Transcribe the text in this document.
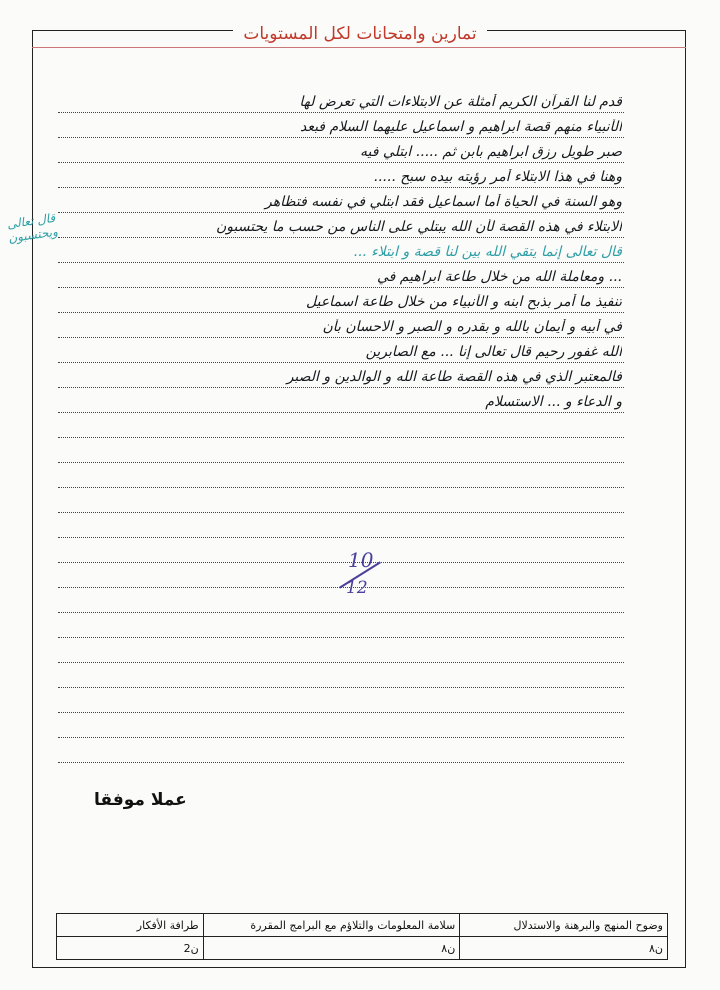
تمارين وامتحانات لكل المستويات
قدم لنا القرآن الكريم أمثلة عن الابتلاءات التي تعرض لها
الأنبياء منهم قصة ابراهيم و اسماعيل عليهما السلام فبعد
صبر طويل رزق ابراهيم بابن ثم ..... ابتلي فيه
وهنا في هذا الابتلاء أمر رؤيته بيده سبح .....
وهو السنة في الحياة أما اسماعيل فقد ابتلي في نفسه فتظاهر
الابتلاء في هذه القصة لأن الله يبتلي على الناس من حسب ما يحتسبون
قال تعالى إنما يتقي الله بين لنا قصة و ابتلاء ...
... ومعاملة الله من خلال طاعة ابراهيم في
تنفيذ ما أمر بذبح ابنه و الأنبياء من خلال طاعة اسماعيل
في أبيه و أيمان بالله و بقدره و الصبر و الاحسان بأن
الله غفور رحيم قال تعالى إنا ... مع الصابرين
فالمعتبر الذي في هذه القصة طاعة الله و الوالدين و الصبر
و الدعاء و ... الاستسلام
قال تعالى ويحتسبون
10
12
عملا موفقا
وضوح المنهج والبرهنة والاستدلال	سلامة المعلومات والتلاؤم مع البرامج المقررة	طرافة الأفكار
ن٨	ن٨	ن2
